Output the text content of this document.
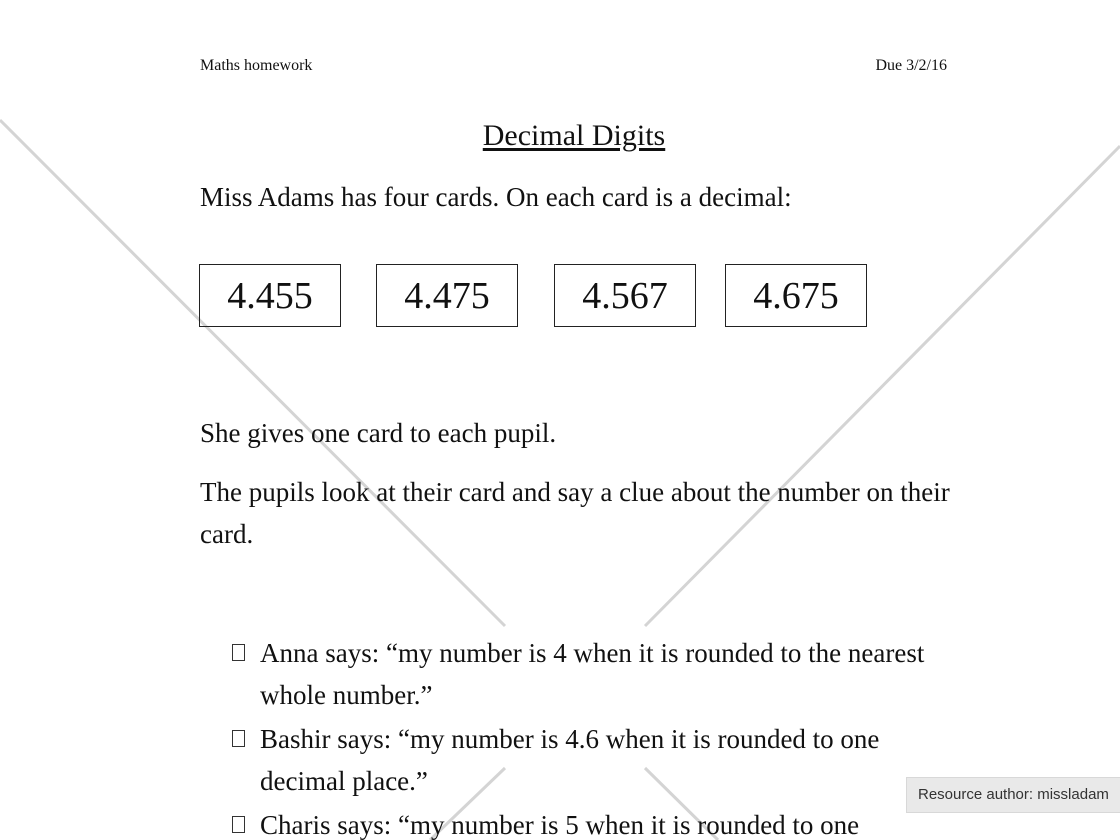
Maths homework	Due 3/2/16
Decimal Digits
Miss Adams has four cards. On each card is a decimal:
4.455	4.475	4.567	4.675
She gives one card to each pupil.
The pupils look at their card and say a clue about the number on their card.
Anna says: “my number is 4 when it is rounded to the nearest whole number.”
Bashir says: “my number is 4.6 when it is rounded to one decimal place.”
Charis says: “my number is 5 when it is rounded to one
Resource author: missladam
